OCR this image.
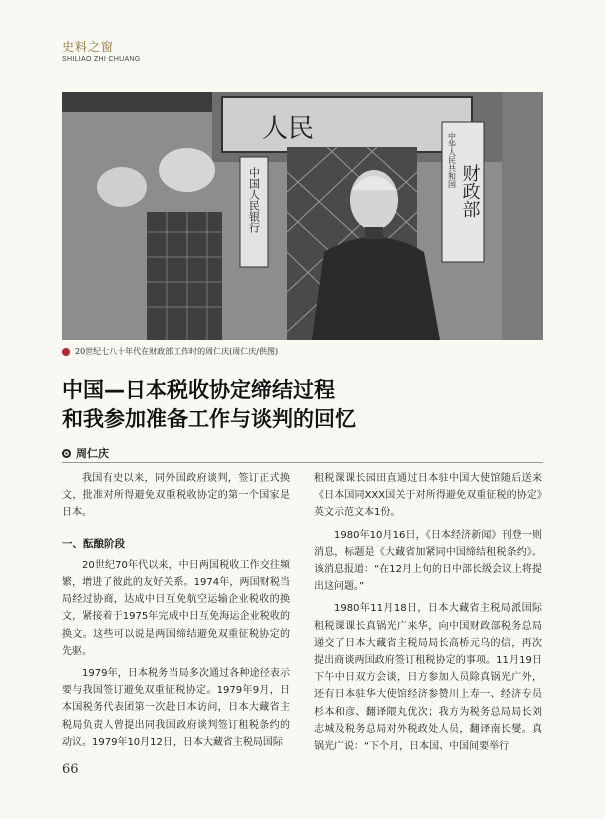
史料之窗
SHILIAO ZHI CHUANG
人民
中国人民银行
中华人民共和国
财政部
20世纪七八十年代在财政部工作时的周仁庆(周仁庆/供图)
中国—日本税收协定缔结过程
和我参加准备工作与谈判的回忆
周仁庆

我国有史以来，同外国政府谈判，签订正式换文，批准对所得避免双重税收协定的第一个国家是日本。

一、酝酿阶段

20世纪70年代以来，中日两国税收工作交往频繁，增进了彼此的友好关系。1974年，两国财税当局经过协商，达成中日互免航空运输企业税收的换文，紧接着于1975年完成中日互免海运企业税收的换文。这些可以说是两国缔结避免双重征税协定的先驱。

1979年，日本税务当局多次通过各种途径表示要与我国签订避免双重征税协定。1979年9月，日本国税务代表团第一次赴日本访问，日本大藏省主税局负责人曾提出同我国政府谈判签订租税条约的动议。1979年10月12日，日本大藏省主税局国际

租税课课长园田直通过日本驻中国大使馆随后送来《日本国同XXX国关于对所得避免双重征税的协定》英文示范文本1份。

1980年10月16日，《日本经济新闻》刊登一则消息，标题是《大藏省加紧同中国缔结租税条约》。该消息报道：“在12月上旬的日中部长级会议上将提出这问题。”

1980年11月18日，日本大藏省主税局派国际租税课课长真锅光广来华，向中国财政部税务总局递交了日本大藏省主税局局长高桥元乌的信，再次提出商谈两国政府签订租税协定的事项。11月19日下午中日双方会谈，日方参加人员除真锅光广外，还有日本驻华大使馆经济参赞川上寿一、经济专员杉本和彦、翻译隈丸优次；我方为税务总局局长刘志城及税务总局对外税政处人员，翻译南长燮。真锅光广说：“下个月，日本国、中国间要举行

66
